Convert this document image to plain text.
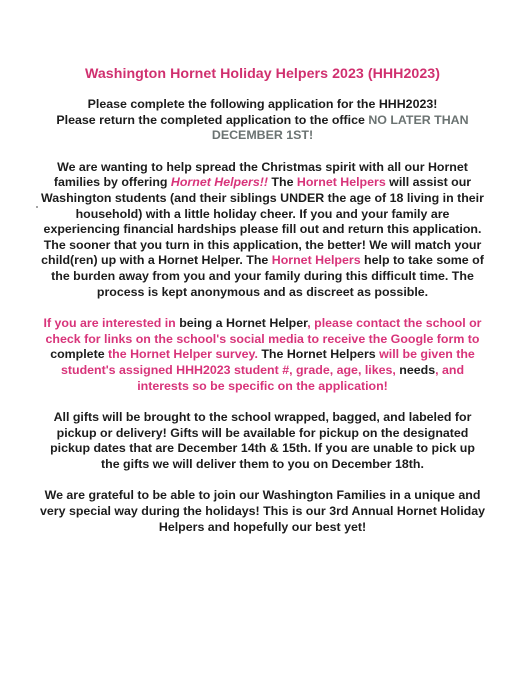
Washington Hornet Holiday Helpers 2023 (HHH2023)
Please complete the following application for the HHH2023!
Please return the completed application to the office NO LATER THAN DECEMBER 1ST!
We are wanting to help spread the Christmas spirit with all our Hornet families by offering Hornet Helpers!! The Hornet Helpers will assist our Washington students (and their siblings UNDER the age of 18 living in their household) with a little holiday cheer. If you and your family are experiencing financial hardships please fill out and return this application. The sooner that you turn in this application, the better! We will match your child(ren) up with a Hornet Helper. The Hornet Helpers help to take some of the burden away from you and your family during this difficult time. The process is kept anonymous and as discreet as possible.
If you are interested in being a Hornet Helper, please contact the school or check for links on the school's social media to receive the Google form to complete the Hornet Helper survey. The Hornet Helpers will be given the student's assigned HHH2023 student #, grade, age, likes, needs, and interests so be specific on the application!
All gifts will be brought to the school wrapped, bagged, and labeled for pickup or delivery! Gifts will be available for pickup on the designated pickup dates that are December 14th & 15th. If you are unable to pick up the gifts we will deliver them to you on December 18th.
We are grateful to be able to join our Washington Families in a unique and very special way during the holidays! This is our 3rd Annual Hornet Holiday Helpers and hopefully our best yet!
